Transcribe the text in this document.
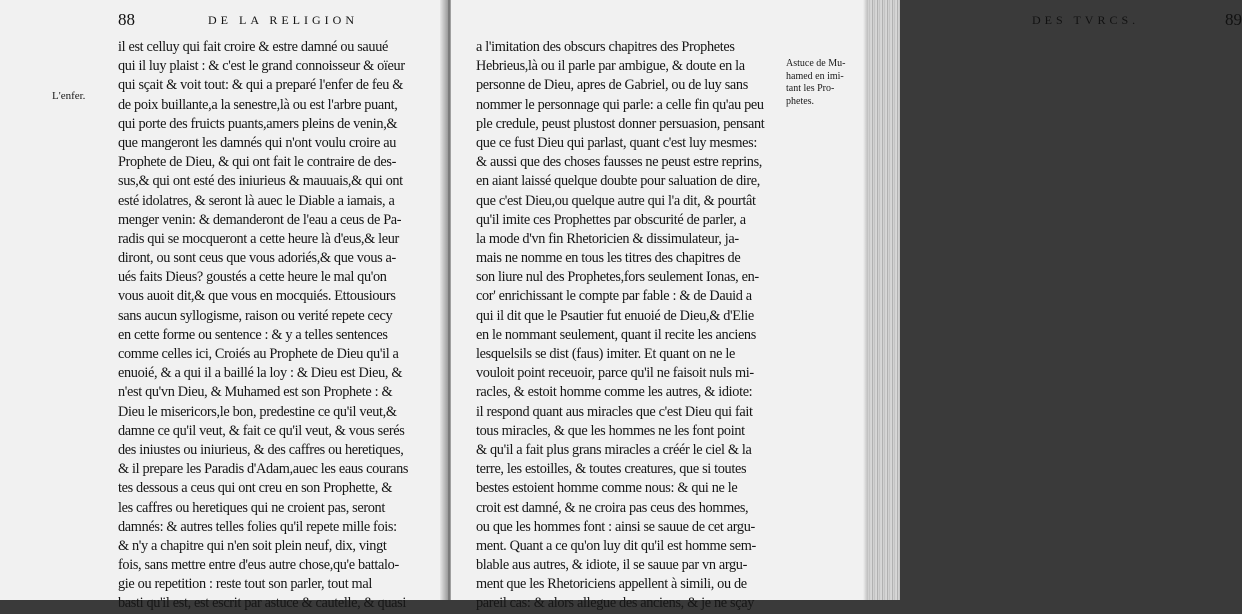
88	DE LA RELIGION
L'enfer.
il est celluy qui fait croire & estre damné ou sauué
qui il luy plaist : & c'est le grand connoisseur & oïeur
qui sçait & voit tout: & qui a preparé l'enfer de feu &
de poix buillante,a la senestre,là ou est l'arbre puant,
qui porte des fruicts puants,amers pleins de venin,&
que mangeront les damnés qui n'ont voulu croire au
Prophete de Dieu, & qui ont fait le contraire de des-
sus,& qui ont esté des iniurieus & mauuais,& qui ont
esté idolatres, & seront là auec le Diable a iamais, a
menger venin: & demanderont de l'eau a ceus de Pa-
radis qui se mocqueront a cette heure là d'eus,& leur
diront, ou sont ceus que vous adoriés,& que vous a-
ués faits Dieus? goustés a cette heure le mal qu'on
vous auoit dit,& que vous en mocquiés. Ettousiours
sans aucun syllogisme, raison ou verité repete cecy
en cette forme ou sentence : & y a telles sentences
comme celles ici, Croiés au Prophete de Dieu qu'il a
enuoié, & a qui il a baillé la loy : & Dieu est Dieu, &
n'est qu'vn Dieu, & Muhamed est son Prophete : &
Dieu le misericors,le bon, predestine ce qu'il veut,&
damne ce qu'il veut, & fait ce qu'il veut, & vous serés
des iniustes ou iniurieus, & des caffres ou heretiques,
& il prepare les Paradis d'Adam,auec les eaus courans
tes dessous a ceus qui ont creu en son Prophette, &
les caffres ou heretiques qui ne croient pas, seront
damnés: & autres telles folies qu'il repete mille fois:
& n'y a chapitre qui n'en soit plein neuf, dix, vingt
fois, sans mettre entre d'eus autre chose,qu'e battalo-
gie ou repetition : reste tout son parler, tout mal
basti qu'il est, est escrit par astuce & cautelle, & quasi
DES TVRCS.	89
a l'imitation des obscurs chapitres des Prophetes
Hebrieus,là ou il parle par ambigue, & doute en la
personne de Dieu, apres de Gabriel, ou de luy sans
nommer le personnage qui parle: a celle fin qu'au peu
ple credule, peust plustost donner persuasion, pensant
que ce fust Dieu qui parlast, quant c'est luy mesmes:
& aussi que des choses fausses ne peust estre reprins,
en aiant laissé quelque doubte pour saluation de dire,
que c'est Dieu,ou quelque autre qui l'a dit, & pourtât
qu'il imite ces Prophettes par obscurité de parler, a
la mode d'vn fin Rhetoricien & dissimulateur, ja-
mais ne nomme en tous les titres des chapitres de
son liure nul des Prophetes,fors seulement Ionas, en-
cor' enrichissant le compte par fable : & de Dauid a
qui il dit que le Psautier fut enuoié de Dieu,& d'Elie
en le nommant seulement, quant il recite les anciens
lesquelsils se dist (faus) imiter. Et quant on ne le
vouloit point receuoir, parce qu'il ne faisoit nuls mi-
racles, & estoit homme comme les autres, & idiote:
il respond quant aus miracles que c'est Dieu qui fait
tous miracles, & que les hommes ne les font point
& qu'il a fait plus grans miracles a créér le ciel & la
terre, les estoilles, & toutes creatures, que si toutes
bestes estoient homme comme nous: & qui ne le
croit est damné, & ne croira pas ceus des hommes,
ou que les hommes font : ainsi se sauue de cet argu-
ment. Quant a ce qu'on luy dit qu'il est homme sem-
blable aus autres, & idiote, il se sauue par vn argu-
ment que les Rhetoriciens appellent à simili, ou de
pareil cas: & alors allegue des anciens, & je ne sçay
Astuce de Mu-
hamed en imi-
tant les Pro-
phetes.
